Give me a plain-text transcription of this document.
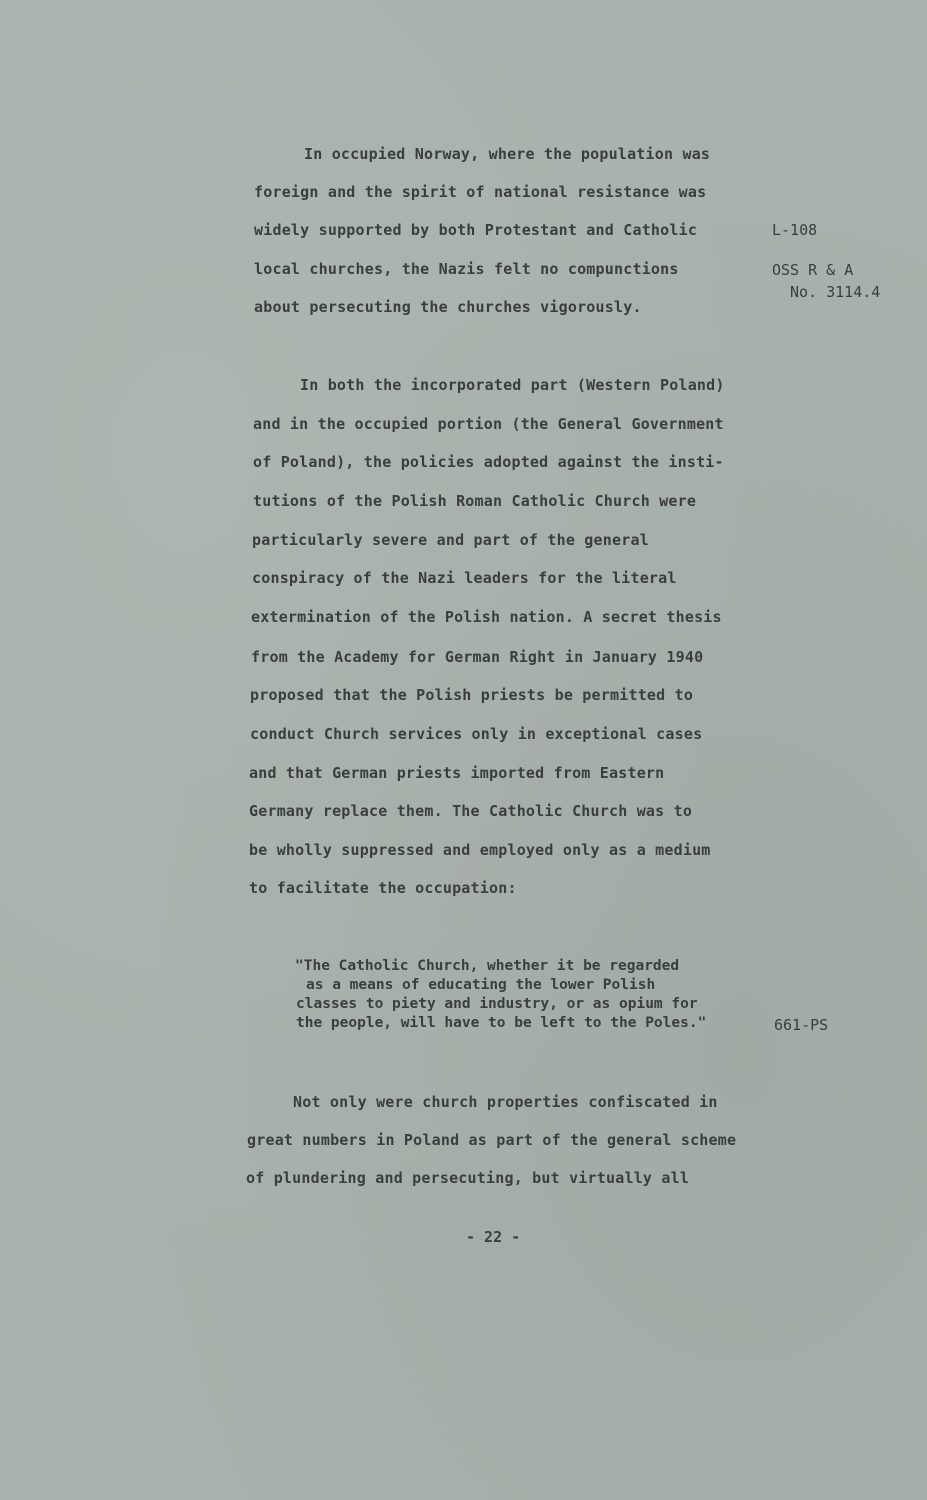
In occupied Norway, where the population was
foreign and the spirit of national resistance was
widely supported by both Protestant and Catholic
local churches, the Nazis felt no compunctions
about persecuting the churches vigorously.
L-108
OSS R & A
No. 3114.4
In both the incorporated part (Western Poland)
and in the occupied portion (the General Government
of Poland), the policies adopted against the insti-
tutions of the Polish Roman Catholic Church were
particularly severe and part of the general
conspiracy of the Nazi leaders for the literal
extermination of the Polish nation. A secret thesis
from the Academy for German Right in January 1940
proposed that the Polish priests be permitted to
conduct Church services only in exceptional cases
and that German priests imported from Eastern
Germany replace them. The Catholic Church was to
be wholly suppressed and employed only as a medium
to facilitate the occupation:
"The Catholic Church, whether it be regarded
as a means of educating the lower Polish
classes to piety and industry, or as opium for
the people, will have to be left to the Poles."	661-PS
Not only were church properties confiscated in
great numbers in Poland as part of the general scheme
of plundering and persecuting, but virtually all
- 22 -
